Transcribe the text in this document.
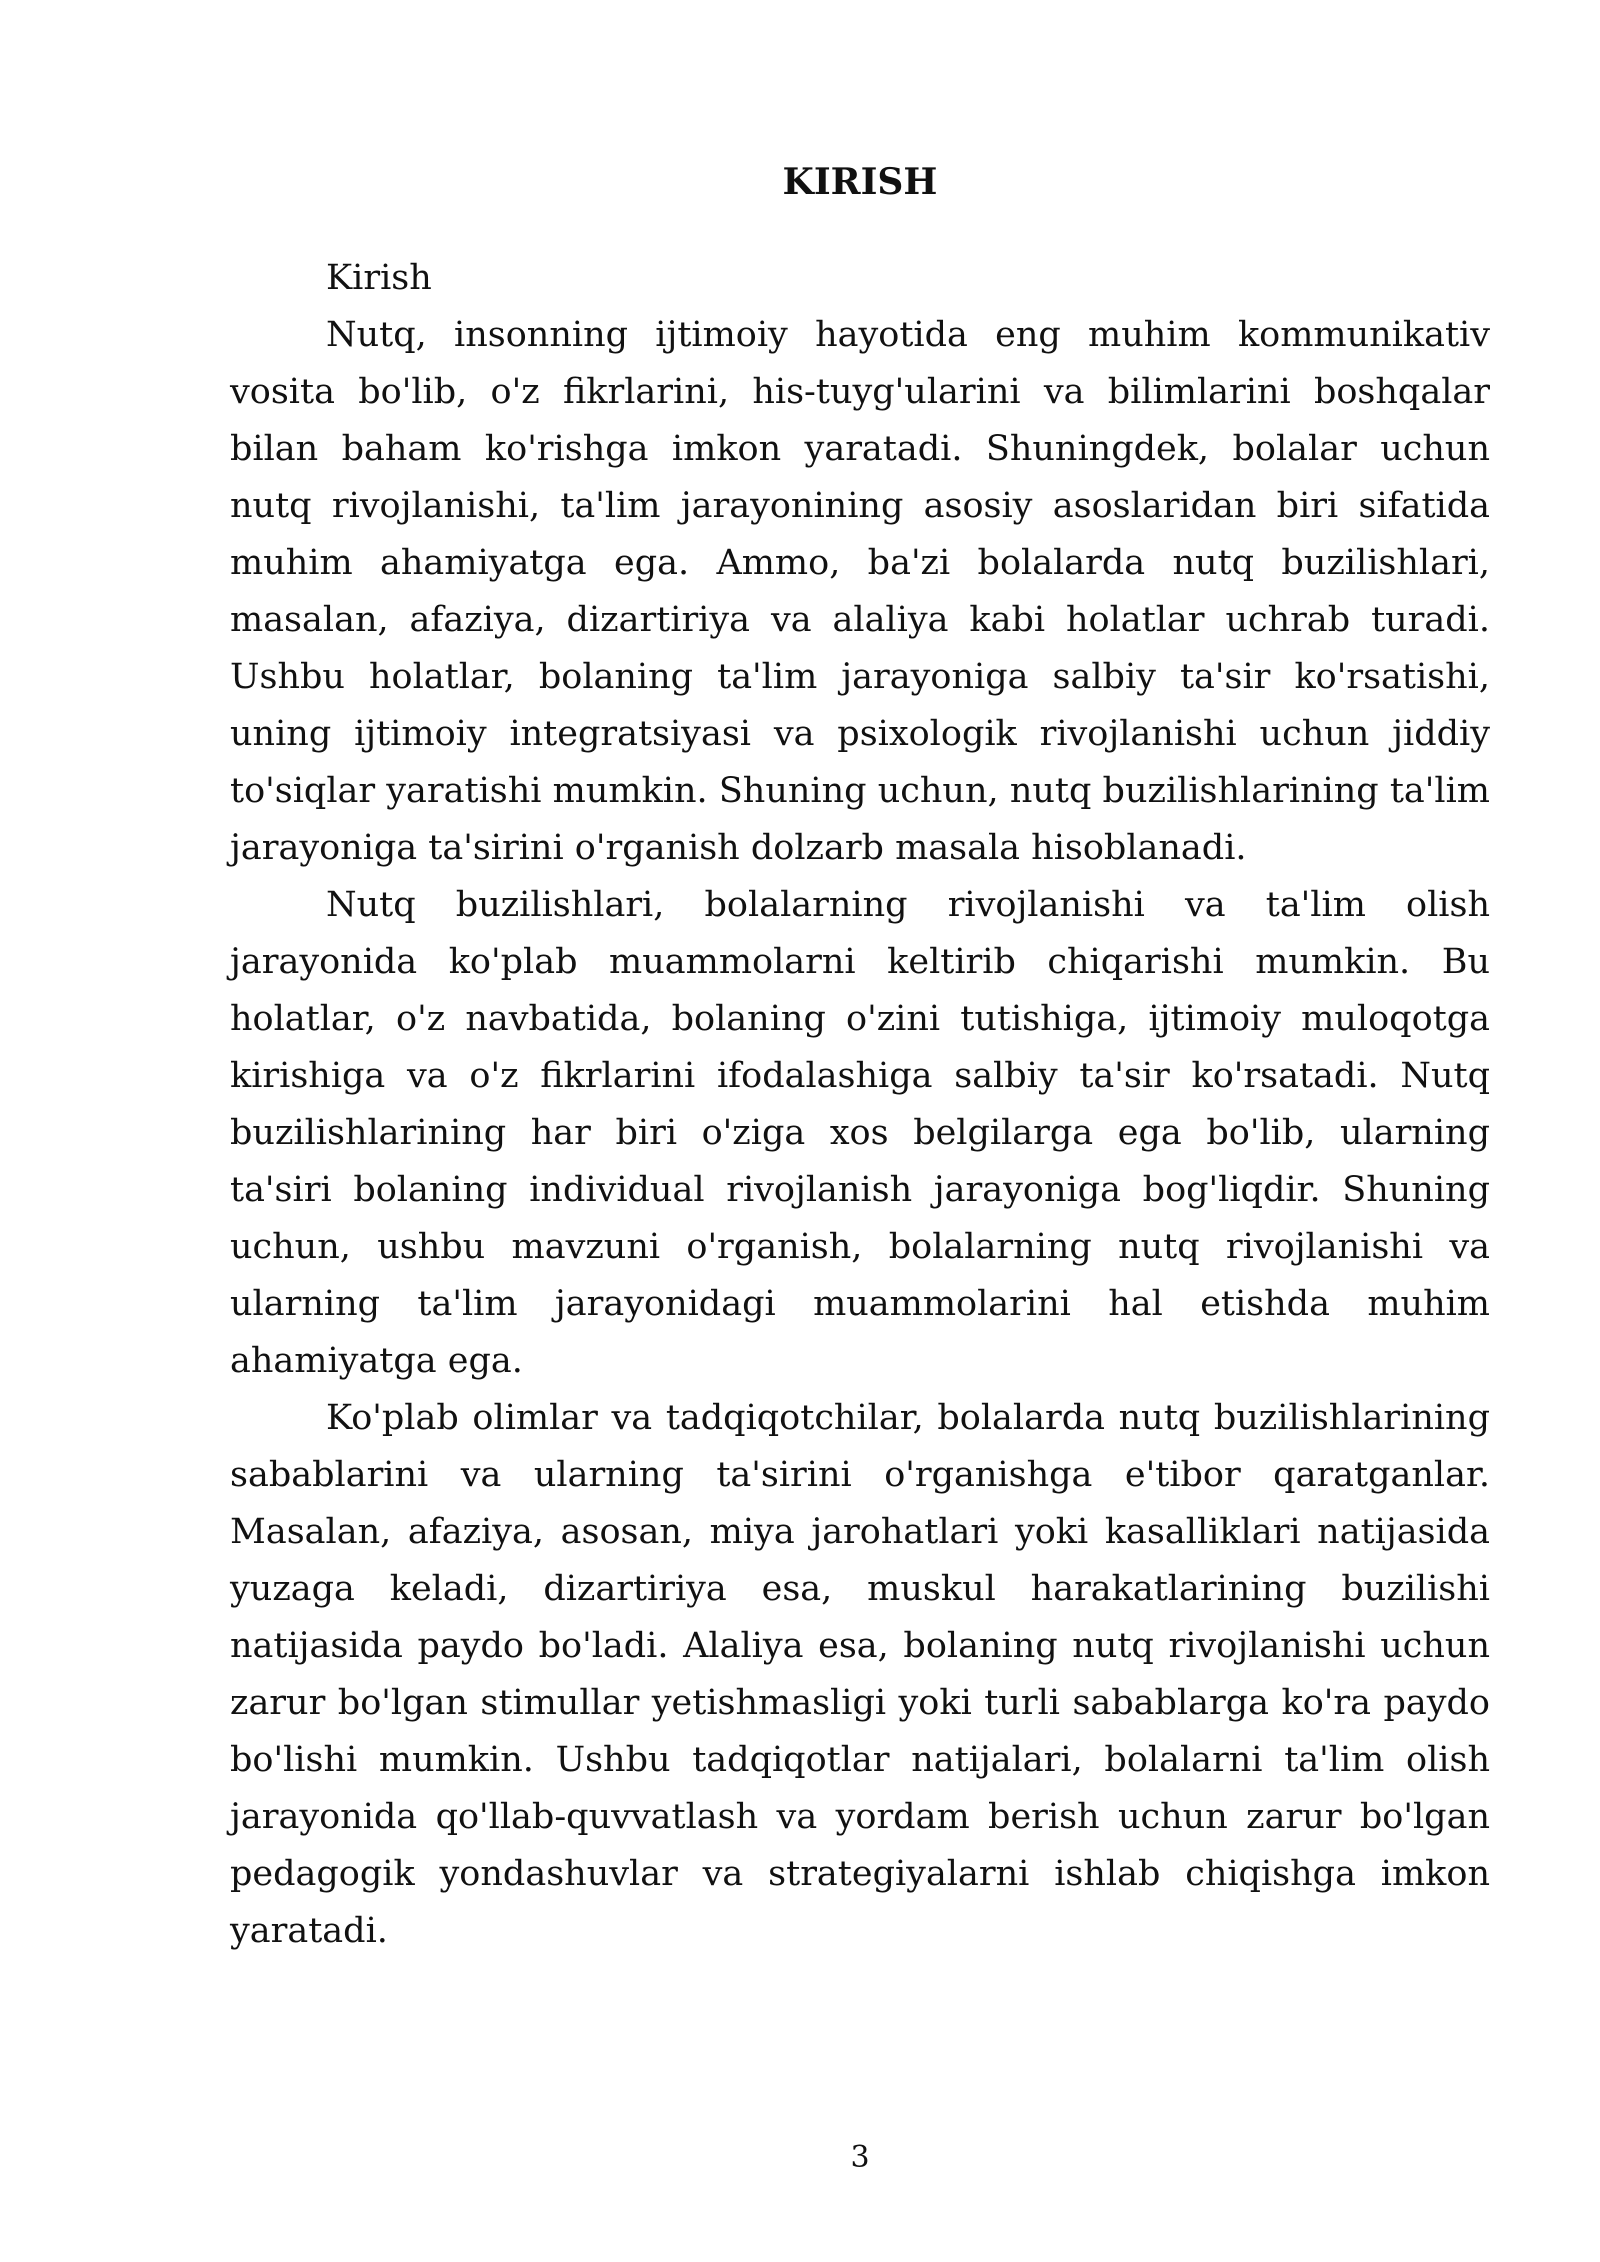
KIRISH

Kirish

Nutq, insonning ijtimoiy hayotida eng muhim kommunikativ vosita bo'lib, o'z fikrlarini, his-tuyg'ularini va bilimlarini boshqalar bilan baham ko'rishga imkon yaratadi. Shuningdek, bolalar uchun nutq rivojlanishi, ta'lim jarayonining asosiy asoslaridan biri sifatida muhim ahamiyatga ega. Ammo, ba'zi bolalarda nutq buzilishlari, masalan, afaziya, dizartiriya va alaliya kabi holatlar uchrab turadi. Ushbu holatlar, bolaning ta'lim jarayoniga salbiy ta'sir ko'rsatishi, uning ijtimoiy integratsiyasi va psixologik rivojlanishi uchun jiddiy to'siqlar yaratishi mumkin. Shuning uchun, nutq buzilishlarining ta'lim jarayoniga ta'sirini o'rganish dolzarb masala hisoblanadi.

Nutq buzilishlari, bolalarning rivojlanishi va ta'lim olish jarayonida ko'plab muammolarni keltirib chiqarishi mumkin. Bu holatlar, o'z navbatida, bolaning o'zini tutishiga, ijtimoiy muloqotga kirishiga va o'z fikrlarini ifodalashiga salbiy ta'sir ko'rsatadi. Nutq buzilishlarining har biri o'ziga xos belgilarga ega bo'lib, ularning ta'siri bolaning individual rivojlanish jarayoniga bog'liqdir. Shuning uchun, ushbu mavzuni o'rganish, bolalarning nutq rivojlanishi va ularning ta'lim jarayonidagi muammolarini hal etishda muhim ahamiyatga ega.

Ko'plab olimlar va tadqiqotchilar, bolalarda nutq buzilishlarining sabablarini va ularning ta'sirini o'rganishga e'tibor qaratganlar. Masalan, afaziya, asosan, miya jarohatlari yoki kasalliklari natijasida yuzaga keladi, dizartiriya esa, muskul harakatlarining buzilishi natijasida paydo bo'ladi. Alaliya esa, bolaning nutq rivojlanishi uchun zarur bo'lgan stimullar yetishmasligi yoki turli sabablarga ko'ra paydo bo'lishi mumkin. Ushbu tadqiqotlar natijalari, bolalarni ta'lim olish jarayonida qo'llab-quvvatlash va yordam berish uchun zarur bo'lgan pedagogik yondashuvlar va strategiyalarni ishlab chiqishga imkon yaratadi.

3
